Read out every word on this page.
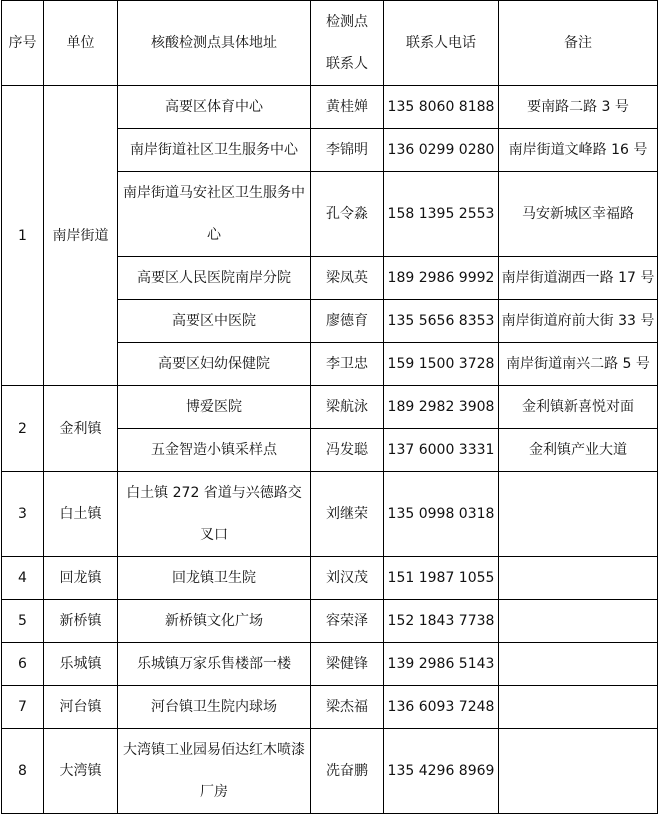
序号	单位	核酸检测点具体地址	检测点联系人	联系人电话	备注
1	南岸街道	高要区体育中心	黄桂婵	135 8060 8188	要南路二路 3 号
		南岸街道社区卫生服务中心	李锦明	136 0299 0280	南岸街道文峰路 16 号
		南岸街道马安社区卫生服务中心	孔令淼	158 1395 2553	马安新城区幸福路
		高要区人民医院南岸分院	梁凤英	189 2986 9992	南岸街道湖西一路 17 号
		高要区中医院	廖德育	135 5656 8353	南岸街道府前大街 33 号
		高要区妇幼保健院	李卫忠	159 1500 3728	南岸街道南兴二路 5 号
2	金利镇	博爱医院	梁航泳	189 2982 3908	金利镇新喜悦对面
		五金智造小镇采样点	冯发聪	137 6000 3331	金利镇产业大道
3	白土镇	白土镇 272 省道与兴德路交叉口	刘继荣	135 0998 0318	
4	回龙镇	回龙镇卫生院	刘汉茂	151 1987 1055	
5	新桥镇	新桥镇文化广场	容荣泽	152 1843 7738	
6	乐城镇	乐城镇万家乐售楼部一楼	梁健锋	139 2986 5143	
7	河台镇	河台镇卫生院内球场	梁杰福	136 6093 7248	
8	大湾镇	大湾镇工业园易佰达红木喷漆厂房	冼奋鹏	135 4296 8969	
